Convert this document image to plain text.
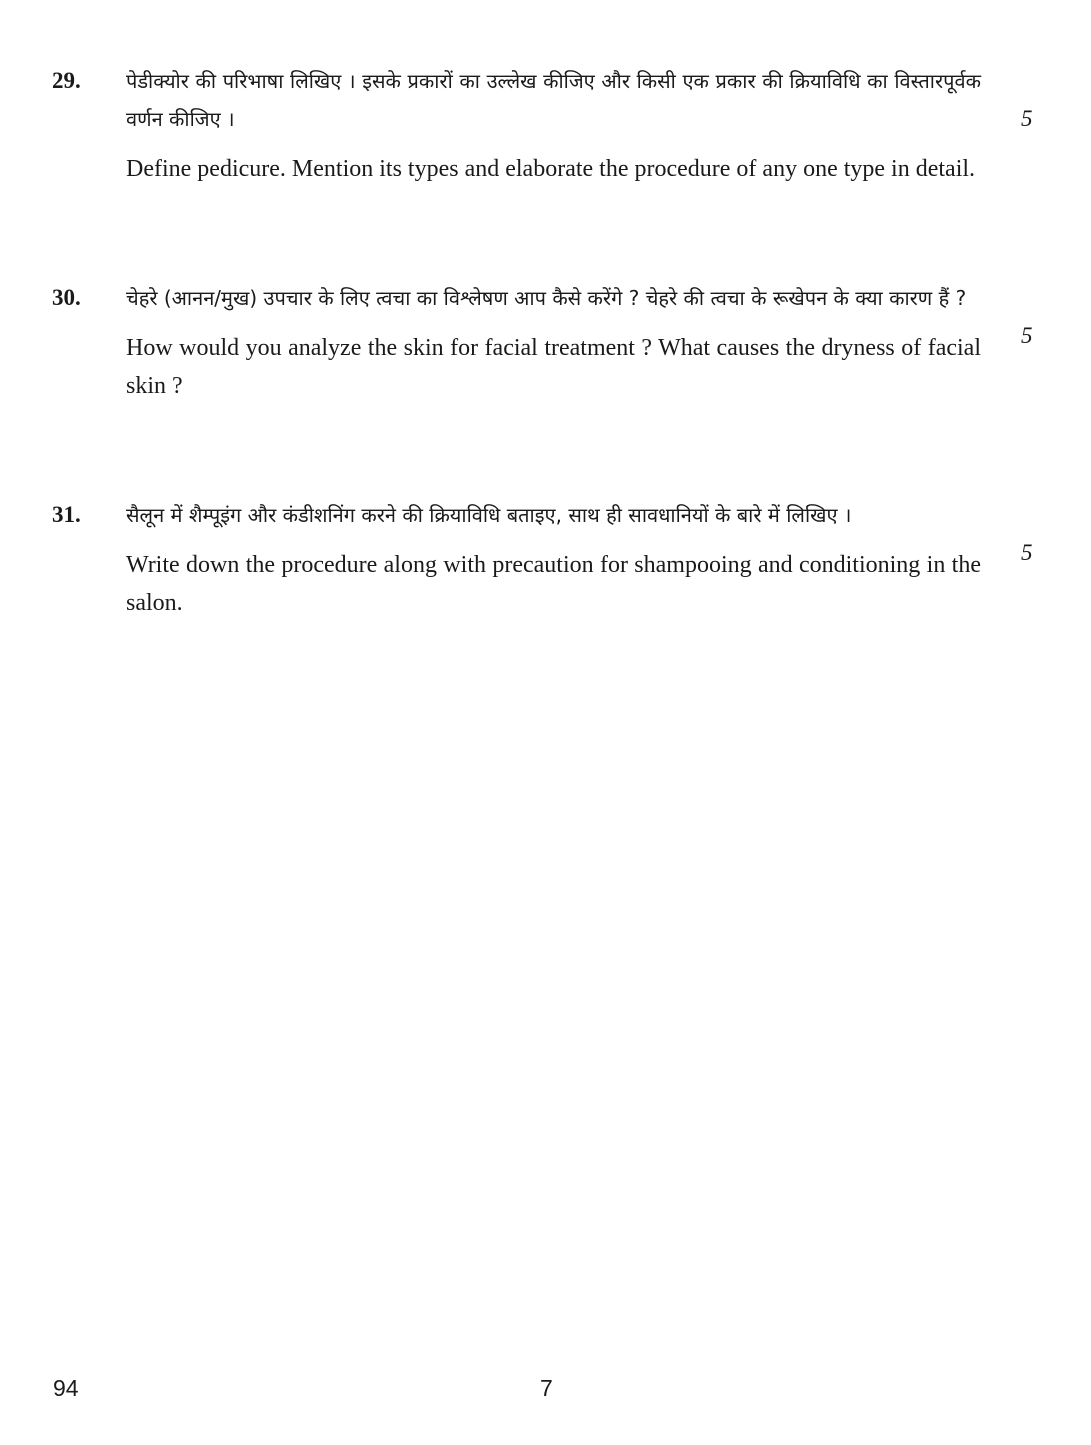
29. पेडीक्योर की परिभाषा लिखिए । इसके प्रकारों का उल्लेख कीजिए और किसी एक प्रकार की क्रियाविधि का विस्तारपूर्वक वर्णन कीजिए ।
Define pedicure. Mention its types and elaborate the procedure of any one type in detail.
5
30. चेहरे (आनन/मुख) उपचार के लिए त्वचा का विश्लेषण आप कैसे करेंगे ? चेहरे की त्वचा के रूखेपन के क्या कारण हैं ?
How would you analyze the skin for facial treatment ? What causes the dryness of facial skin ?
5
31. सैलून में शैम्पूइंग और कंडीशनिंग करने की क्रियाविधि बताइए, साथ ही सावधानियों के बारे में लिखिए ।
Write down the procedure along with precaution for shampooing and conditioning in the salon.
5
94	7
